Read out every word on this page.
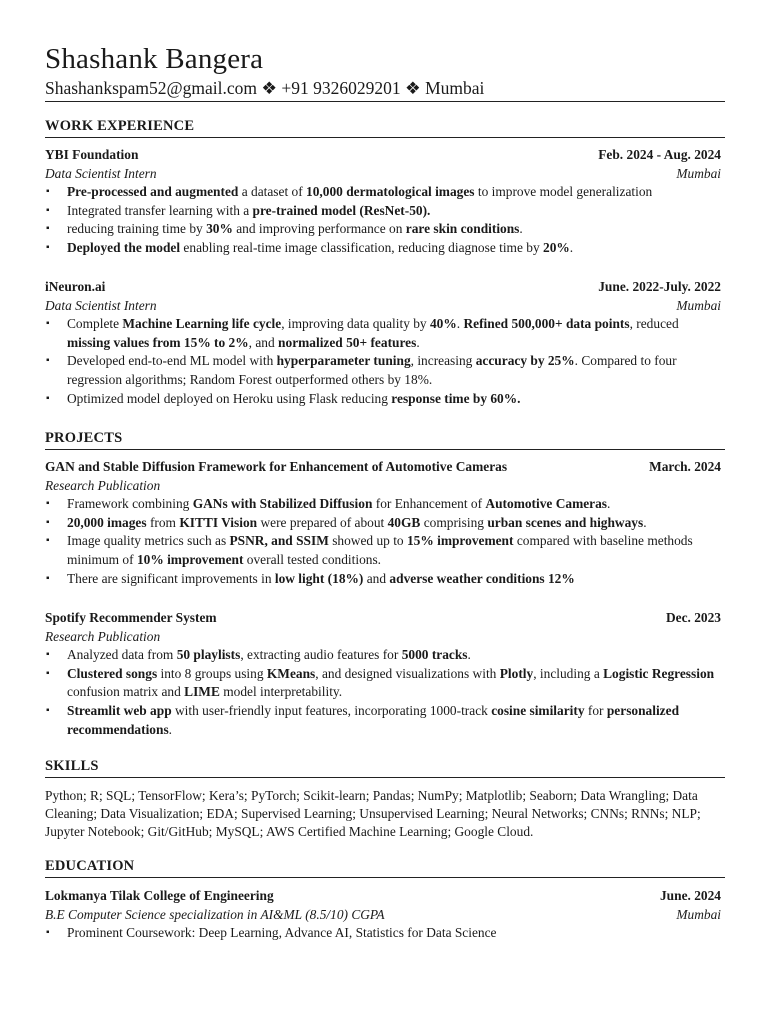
Shashank Bangera
Shashankspam52@gmail.com ❖ +91 9326029201 ❖ Mumbai
WORK EXPERIENCE
YBI Foundation	Feb. 2024 - Aug. 2024
Data Scientist Intern	Mumbai
▪ Pre-processed and augmented a dataset of 10,000 dermatological images to improve model generalization
▪ Integrated transfer learning with a pre-trained model (ResNet-50).
▪ reducing training time by 30% and improving performance on rare skin conditions.
▪ Deployed the model enabling real-time image classification, reducing diagnose time by 20%.
iNeuron.ai	June. 2022-July. 2022
Data Scientist Intern	Mumbai
▪ Complete Machine Learning life cycle, improving data quality by 40%. Refined 500,000+ data points, reduced missing values from 15% to 2%, and normalized 50+ features.
▪ Developed end-to-end ML model with hyperparameter tuning, increasing accuracy by 25%. Compared to four regression algorithms; Random Forest outperformed others by 18%.
▪ Optimized model deployed on Heroku using Flask reducing response time by 60%.
PROJECTS
GAN and Stable Diffusion Framework for Enhancement of Automotive Cameras	March. 2024
Research Publication
▪ Framework combining GANs with Stabilized Diffusion for Enhancement of Automotive Cameras.
▪ 20,000 images from KITTI Vision were prepared of about 40GB comprising urban scenes and highways.
▪ Image quality metrics such as PSNR, and SSIM showed up to 15% improvement compared with baseline methods minimum of 10% improvement overall tested conditions.
▪ There are significant improvements in low light (18%) and adverse weather conditions 12%
Spotify Recommender System	Dec. 2023
Research Publication
▪ Analyzed data from 50 playlists, extracting audio features for 5000 tracks.
▪ Clustered songs into 8 groups using KMeans, and designed visualizations with Plotly, including a Logistic Regression confusion matrix and LIME model interpretability.
▪ Streamlit web app with user-friendly input features, incorporating 1000-track cosine similarity for personalized recommendations.
SKILLS
Python; R; SQL; TensorFlow; Kera’s; PyTorch; Scikit-learn; Pandas; NumPy; Matplotlib; Seaborn; Data Wrangling; Data Cleaning; Data Visualization; EDA; Supervised Learning; Unsupervised Learning; Neural Networks; CNNs; RNNs; NLP; Jupyter Notebook; Git/GitHub; MySQL; AWS Certified Machine Learning; Google Cloud.
EDUCATION
Lokmanya Tilak College of Engineering	June. 2024
B.E Computer Science specialization in AI&ML (8.5/10) CGPA	Mumbai
▪ Prominent Coursework: Deep Learning, Advance AI, Statistics for Data Science
